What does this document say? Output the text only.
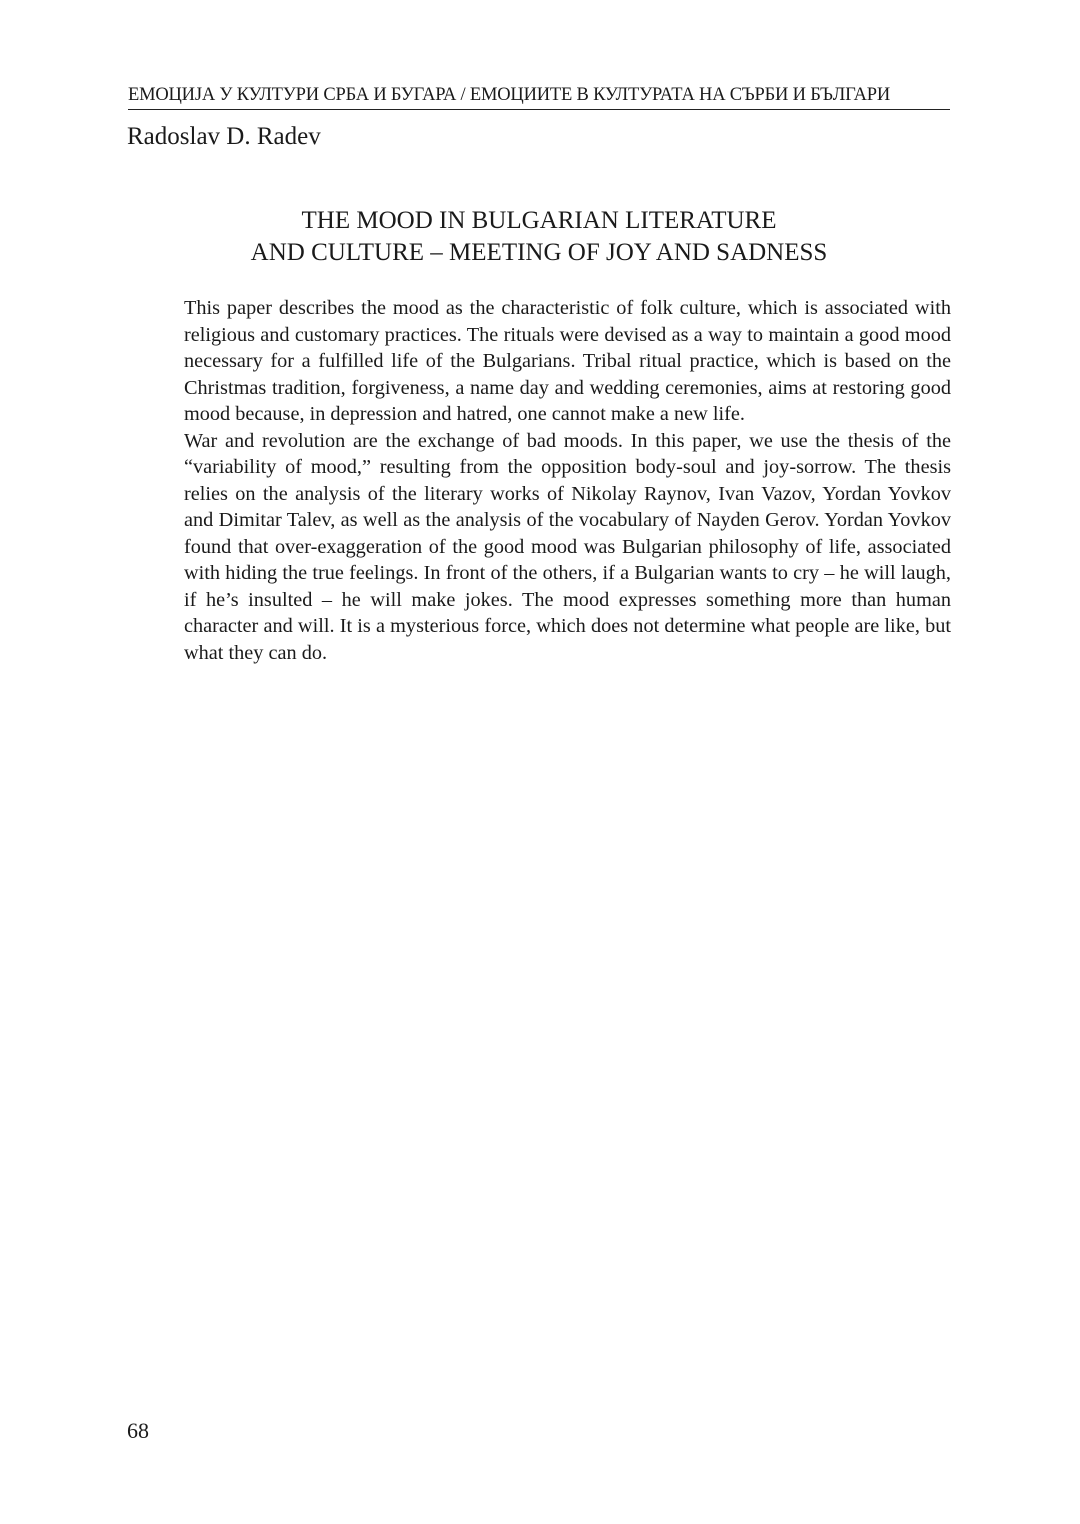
ЕМОЦИЈА У КУЛТУРИ СРБА И БУГАРА / ЕМОЦИИТЕ В КУЛТУРАТА НА СЪРБИ И БЪЛГАРИ
Radoslav D. Radev
THE MOOD IN BULGARIAN LITERATURE
AND CULTURE – MEETING OF JOY AND SADNESS

This paper describes the mood as the characteristic of folk culture, which is associated with religious and customary practices. The rituals were devised as a way to maintain a good mood necessary for a fulfilled life of the Bulgarians. Tribal ritual practice, which is based on the Christmas tradition, forgiveness, a name day and wedding ceremonies, aims at restoring good mood because, in depression and hatred, one cannot make a new life.

War and revolution are the exchange of bad moods. In this paper, we use the thesis of the “variability of mood,” resulting from the opposition body-soul and joy-sorrow. The thesis relies on the analysis of the literary works of Nikolay Raynov, Ivan Vazov, Yordan Yovkov and Dimitar Talev, as well as the analysis of the vocabulary of Nayden Gerov. Yordan Yovkov found that over-exaggeration of the good mood was Bulgarian philosophy of life, associated with hiding the true feelings. In front of the others, if a Bulgarian wants to cry – he will laugh, if he’s insulted – he will make jokes. The mood expresses something more than human character and will. It is a mysterious force, which does not determine what people are like, but what they can do.

68
